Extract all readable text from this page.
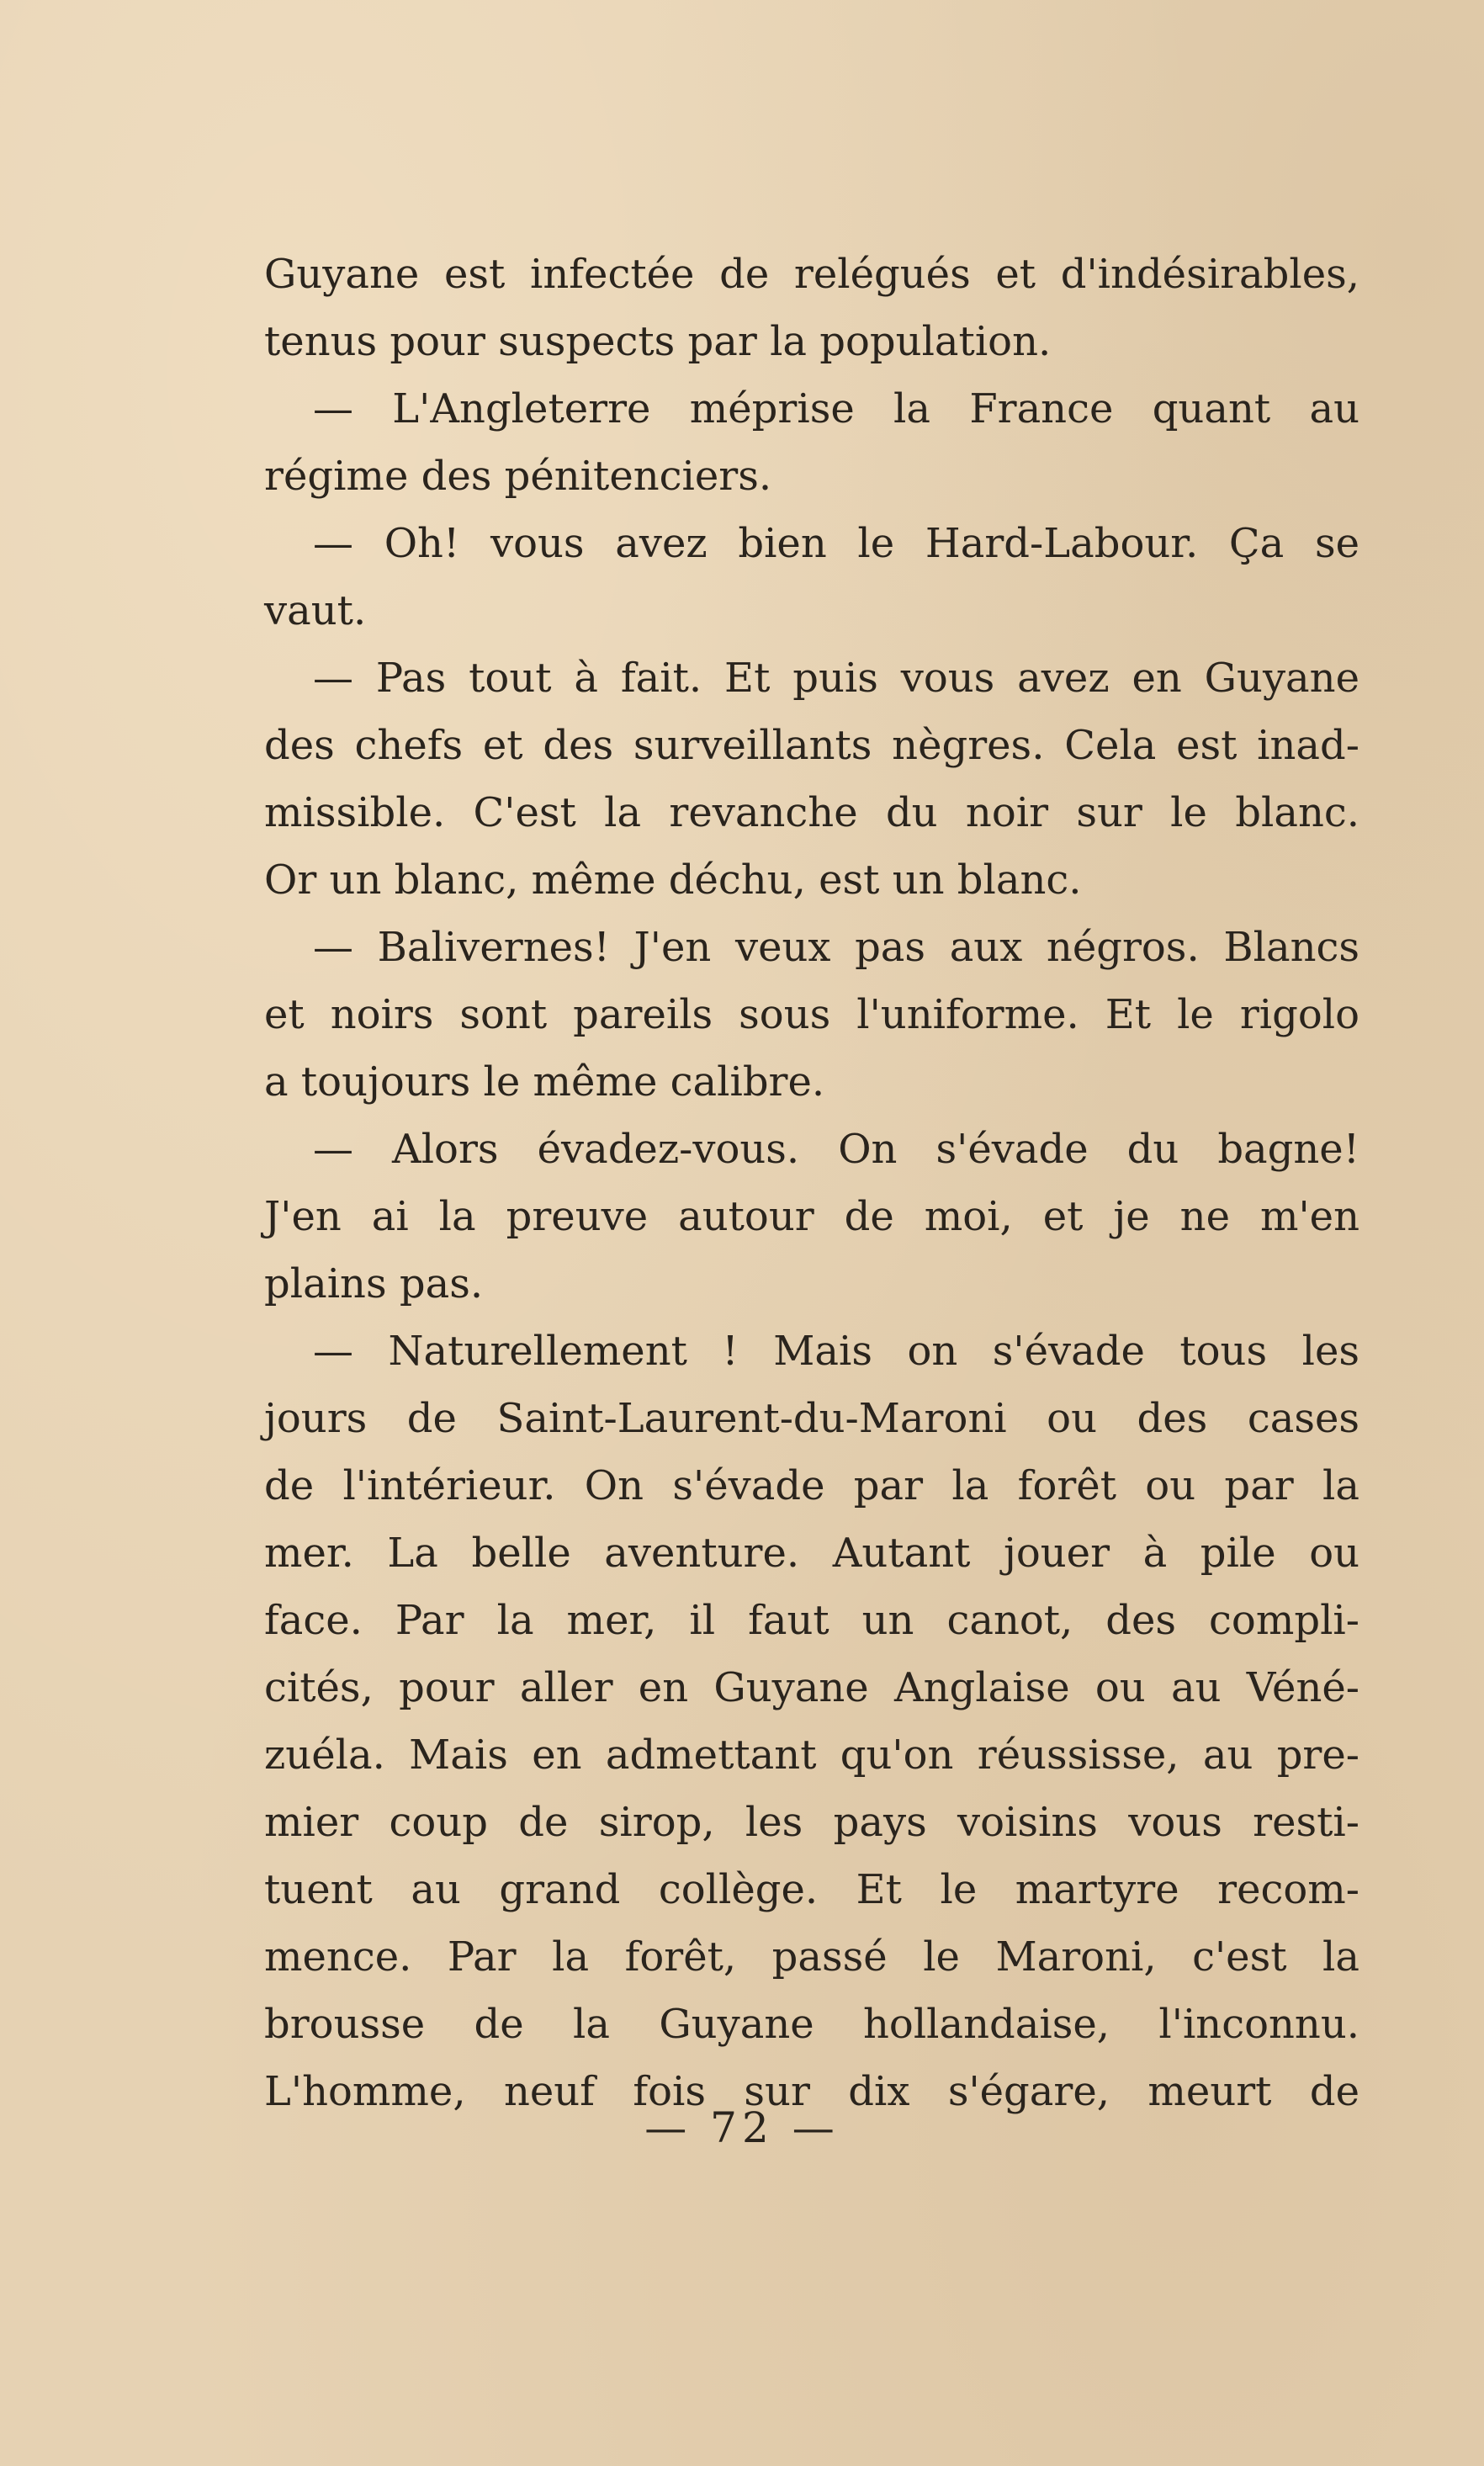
Guyane est infectée de relégués et d'indésirables,
tenus pour suspects par la population.
— L'Angleterre méprise la France quant au
régime des pénitenciers.
— Oh! vous avez bien le Hard-Labour. Ça se
vaut.
— Pas tout à fait. Et puis vous avez en Guyane
des chefs et des surveillants nègres. Cela est inad-
missible. C'est la revanche du noir sur le blanc.
Or un blanc, même déchu, est un blanc.
— Balivernes! J'en veux pas aux négros. Blancs
et noirs sont pareils sous l'uniforme. Et le rigolo
a toujours le même calibre.
— Alors évadez-vous. On s'évade du bagne!
J'en ai la preuve autour de moi, et je ne m'en
plains pas.
— Naturellement ! Mais on s'évade tous les
jours de Saint-Laurent-du-Maroni ou des cases
de l'intérieur. On s'évade par la forêt ou par la
mer. La belle aventure. Autant jouer à pile ou
face. Par la mer, il faut un canot, des compli-
cités, pour aller en Guyane Anglaise ou au Véné-
zuéla. Mais en admettant qu'on réussisse, au pre-
mier coup de sirop, les pays voisins vous resti-
tuent au grand collège. Et le martyre recom-
mence. Par la forêt, passé le Maroni, c'est la
brousse de la Guyane hollandaise, l'inconnu.
L'homme, neuf fois sur dix s'égare, meurt de
— 72 —
